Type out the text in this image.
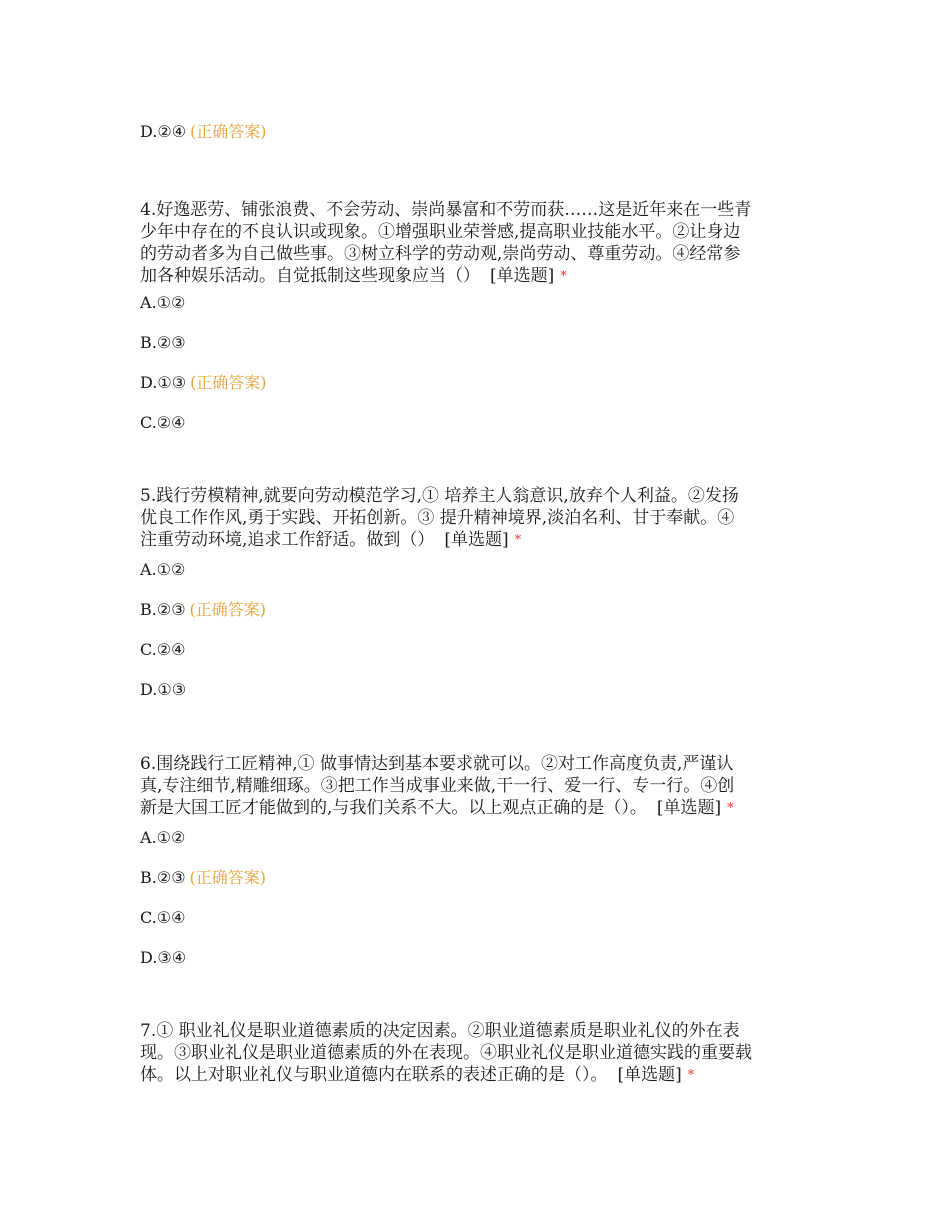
D.②④ (正确答案)
4.好逸恶劳、铺张浪费、不会劳动、崇尚暴富和不劳而获……这是近年来在一些青
少年中存在的不良认识或现象。①增强职业荣誉感,提高职业技能水平。②让身边
的劳动者多为自己做些事。③树立科学的劳动观,崇尚劳动、尊重劳动。④经常参
加各种娱乐活动。自觉抵制这些现象应当（） [单选题] *
A.①②
B.②③
D.①③ (正确答案)
C.②④
5.践行劳模精神,就要向劳动模范学习,① 培养主人翁意识,放弃个人利益。②发扬
优良工作作风,勇于实践、开拓创新。③ 提升精神境界,淡泊名利、甘于奉献。④
注重劳动环境,追求工作舒适。做到（） [单选题] *
A.①②
B.②③ (正确答案)
C.②④
D.①③
6.围绕践行工匠精神,① 做事情达到基本要求就可以。②对工作高度负责,严谨认
真,专注细节,精雕细琢。③把工作当成事业来做,干一行、爱一行、专一行。④创
新是大国工匠才能做到的,与我们关系不大。以上观点正确的是（）。 [单选题] *
A.①②
B.②③ (正确答案)
C.①④
D.③④
7.① 职业礼仪是职业道德素质的决定因素。②职业道德素质是职业礼仪的外在表
现。③职业礼仪是职业道德素质的外在表现。④职业礼仪是职业道德实践的重要载
体。以上对职业礼仪与职业道德内在联系的表述正确的是（）。 [单选题] *
